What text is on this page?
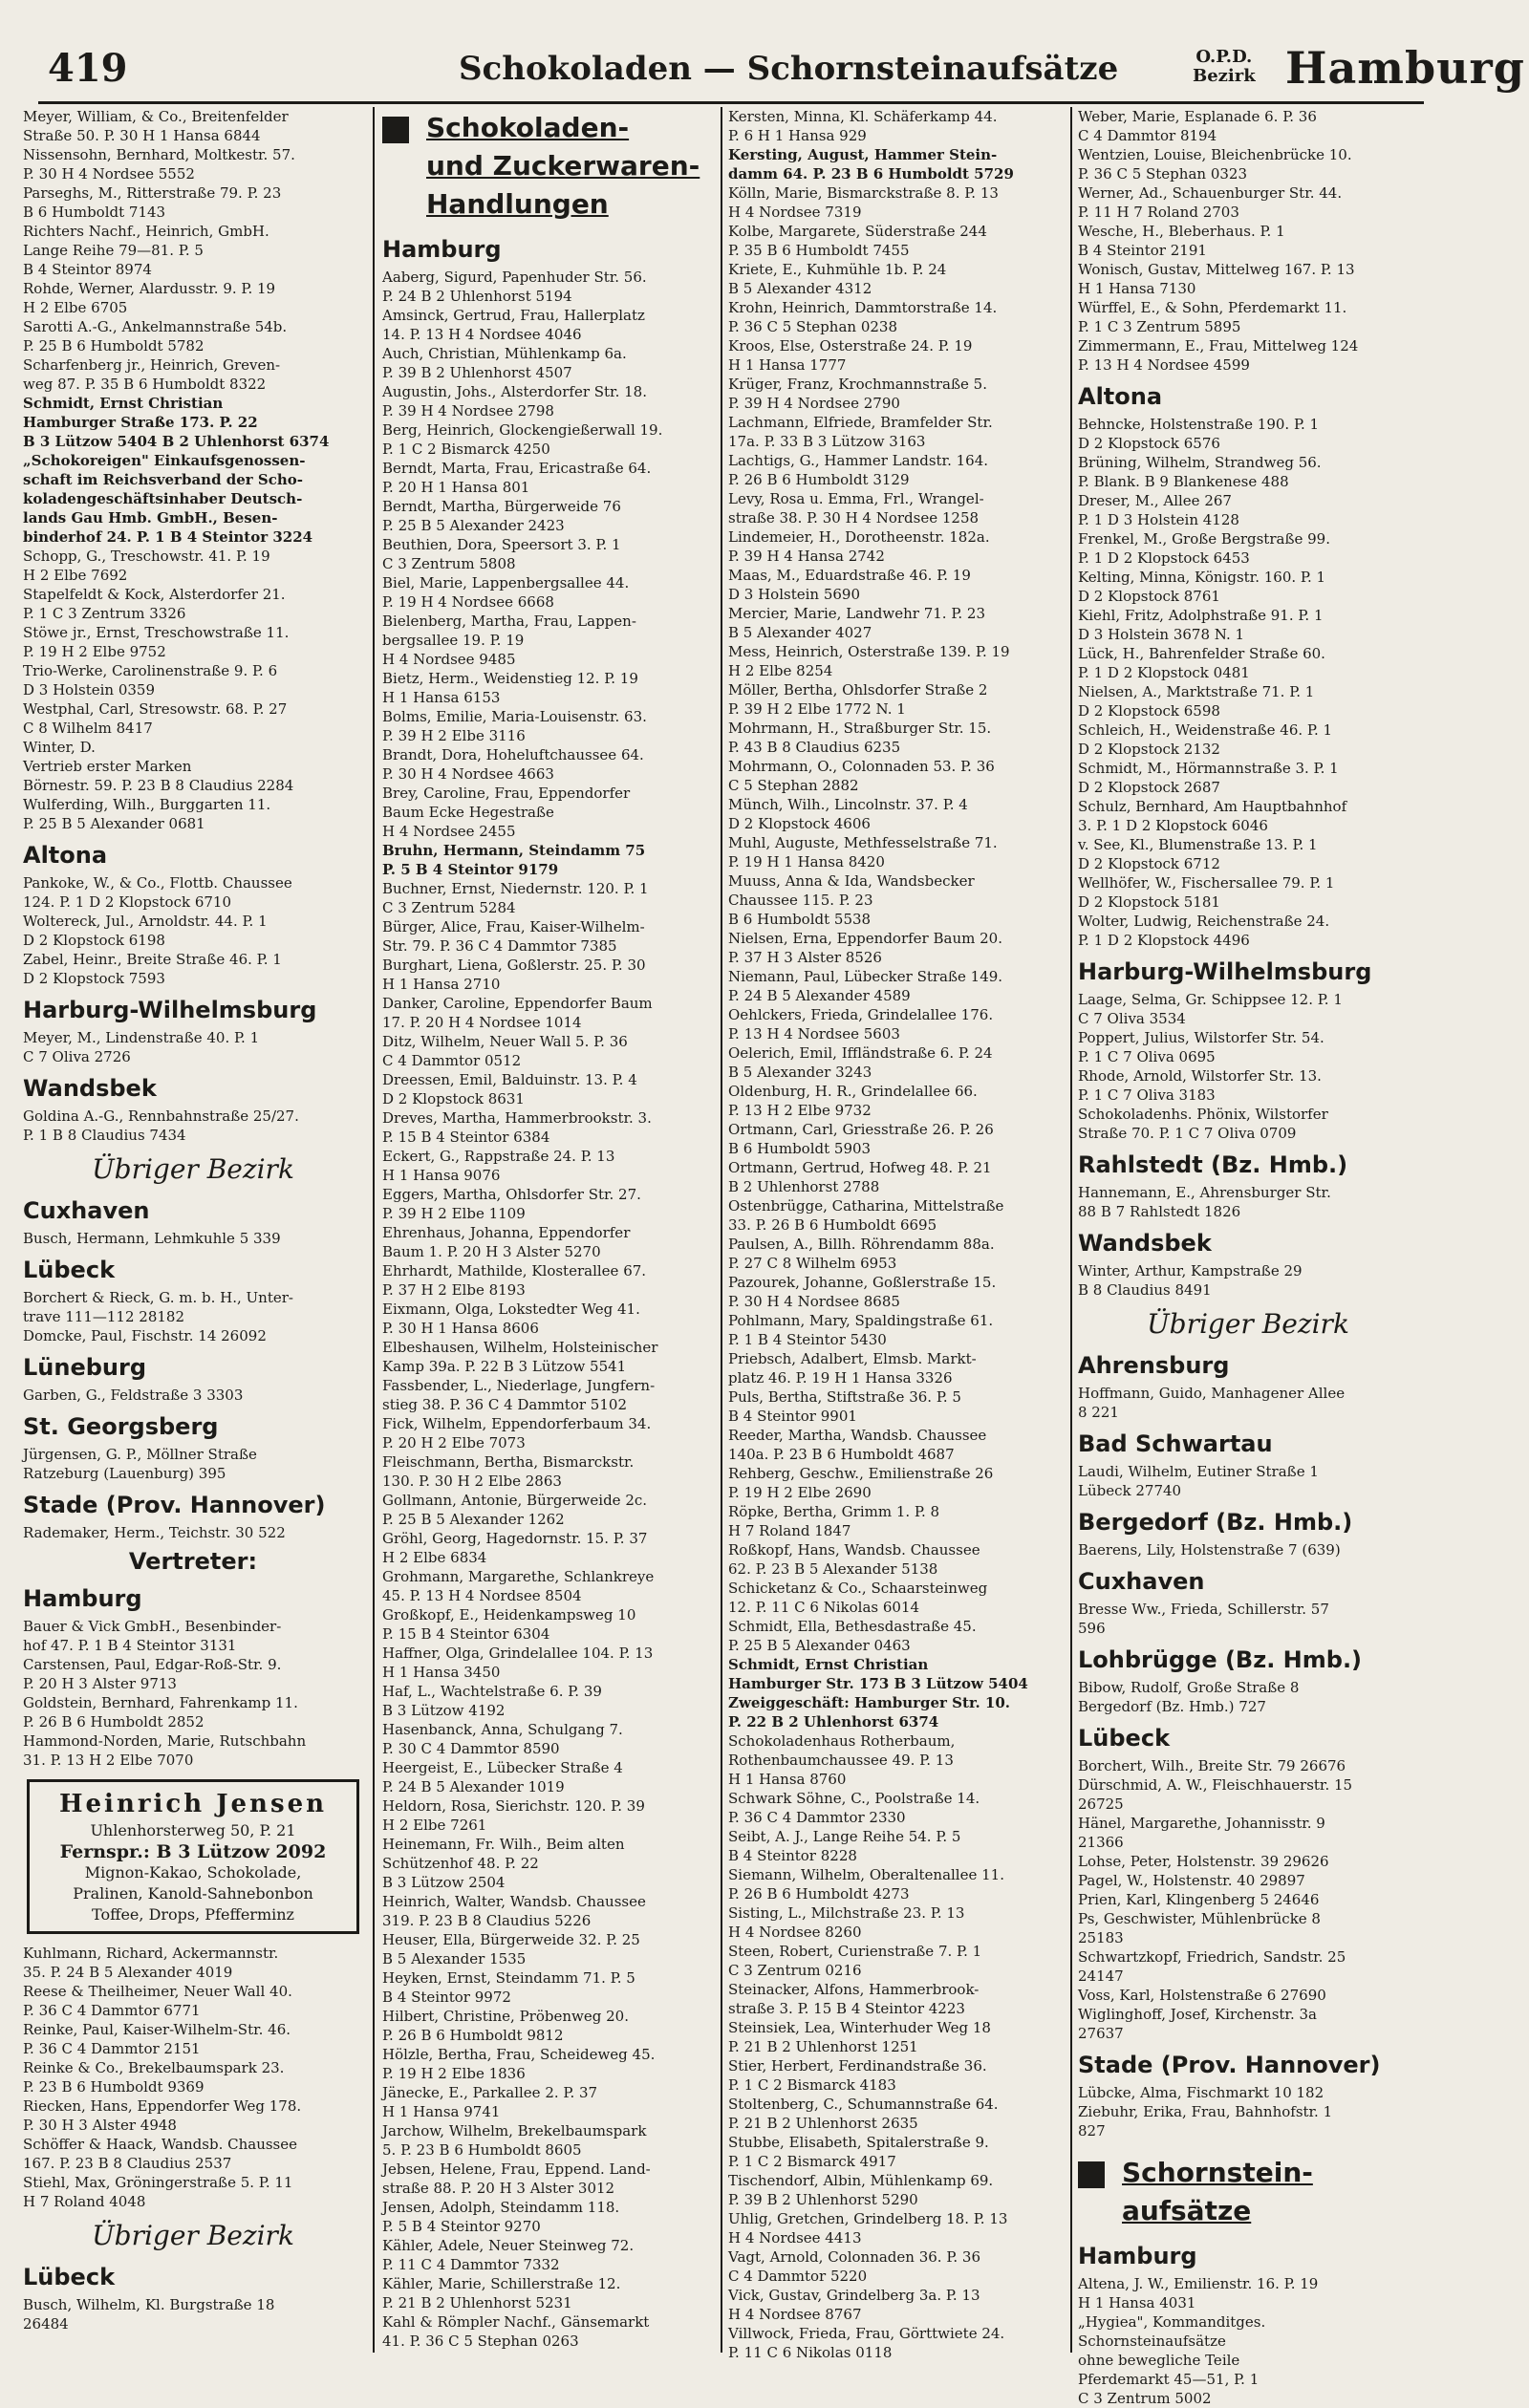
419	Schokoladen — Schornsteinaufsätze	O.P.D.
Bezirk Hamburg

Meyer, William, & Co., Breitenfelder
Straße 50. P. 30 H 1 Hansa 6844

Nissensohn, Bernhard, Moltkestr. 57.
P. 30 H 4 Nordsee 5552

Parseghs, M., Ritterstraße 79. P. 23
B 6 Humboldt 7143

Richters Nachf., Heinrich, GmbH.
Lange Reihe 79—81. P. 5
B 4 Steintor 8974

Rohde, Werner, Alardusstr. 9. P. 19
H 2 Elbe 6705

Sarotti A.-G., Ankelmannstraße 54b.
P. 25 B 6 Humboldt 5782

Scharfenberg jr., Heinrich, Greven-
weg 87. P. 35 B 6 Humboldt 8322

Schmidt, Ernst Christian
Hamburger Straße 173. P. 22
B 3 Lützow 5404 B 2 Uhlenhorst 6374
„Schokoreigen" Einkaufsgenossen-
schaft im Reichsverband der Scho-
koladengeschäftsinhaber Deutsch-
lands Gau Hmb. GmbH., Besen-
binderhof 24. P. 1 B 4 Steintor 3224

Schopp, G., Treschowstr. 41. P. 19
H 2 Elbe 7692

Stapelfeldt & Kock, Alsterdorfer 21.
P. 1 C 3 Zentrum 3326

Stöwe jr., Ernst, Treschowstraße 11.
P. 19 H 2 Elbe 9752

Trio-Werke, Carolinenstraße 9. P. 6
D 3 Holstein 0359

Westphal, Carl, Stresowstr. 68. P. 27
C 8 Wilhelm 8417

Winter, D.
Vertrieb erster Marken
Börnestr. 59. P. 23 B 8 Claudius 2284

Wulferding, Wilh., Burggarten 11.
P. 25 B 5 Alexander 0681

Altona

Pankoke, W., & Co., Flottb. Chaussee
124. P. 1 D 2 Klopstock 6710

Woltereck, Jul., Arnoldstr. 44. P. 1
D 2 Klopstock 6198

Zabel, Heinr., Breite Straße 46. P. 1
D 2 Klopstock 7593

Harburg-Wilhelmsburg

Meyer, M., Lindenstraße 40. P. 1
C 7 Oliva 2726

Wandsbek

Goldina A.-G., Rennbahnstraße 25/27.
P. 1 B 8 Claudius 7434

Übriger Bezirk
Cuxhaven

Busch, Hermann, Lehmkuhle 5 339

Lübeck

Borchert & Rieck, G. m. b. H., Unter-
trave 111—112 28182

Domcke, Paul, Fischstr. 14 26092

Lüneburg

Garben, G., Feldstraße 3 3303

St. Georgsberg

Jürgensen, G. P., Möllner Straße
Ratzeburg (Lauenburg) 395

Stade (Prov. Hannover)

Rademaker, Herm., Teichstr. 30 522

Vertreter:
Hamburg

Bauer & Vick GmbH., Besenbinder-
hof 47. P. 1 B 4 Steintor 3131

Carstensen, Paul, Edgar-Roß-Str. 9.
P. 20 H 3 Alster 9713

Goldstein, Bernhard, Fahrenkamp 11.
P. 26 B 6 Humboldt 2852

Hammond-Norden, Marie, Rutschbahn
31. P. 13 H 2 Elbe 7070

Heinrich Jensen
Uhlenhorsterweg 50, P. 21
Fernspr.: B 3 Lützow 2092
Mignon-Kakao, Schokolade,
Pralinen, Kanold-Sahnebonbon
Toffee, Drops, Pfefferminz

Kuhlmann, Richard, Ackermannstr.
35. P. 24 B 5 Alexander 4019

Reese & Theilheimer, Neuer Wall 40.
P. 36 C 4 Dammtor 6771

Reinke, Paul, Kaiser-Wilhelm-Str. 46.
P. 36 C 4 Dammtor 2151

Reinke & Co., Brekelbaumspark 23.
P. 23 B 6 Humboldt 9369

Riecken, Hans, Eppendorfer Weg 178.
P. 30 H 3 Alster 4948

Schöffer & Haack, Wandsb. Chaussee
167. P. 23 B 8 Claudius 2537

Stiehl, Max, Gröningerstraße 5. P. 11
H 7 Roland 4048

Übriger Bezirk
Lübeck

Busch, Wilhelm, Kl. Burgstraße 18
26484

Schokoladen-
und Zuckerwaren-
Handlungen
Hamburg

Aaberg, Sigurd, Papenhuder Str. 56.
P. 24 B 2 Uhlenhorst 5194

Amsinck, Gertrud, Frau, Hallerplatz
14. P. 13 H 4 Nordsee 4046

Auch, Christian, Mühlenkamp 6a.
P. 39 B 2 Uhlenhorst 4507

Augustin, Johs., Alsterdorfer Str. 18.
P. 39 H 4 Nordsee 2798

Berg, Heinrich, Glockengießerwall 19.
P. 1 C 2 Bismarck 4250

Berndt, Marta, Frau, Ericastraße 64.
P. 20 H 1 Hansa 801

Berndt, Martha, Bürgerweide 76
P. 25 B 5 Alexander 2423

Beuthien, Dora, Speersort 3. P. 1
C 3 Zentrum 5808

Biel, Marie, Lappenbergsallee 44.
P. 19 H 4 Nordsee 6668

Bielenberg, Martha, Frau, Lappen-
bergsallee 19. P. 19
H 4 Nordsee 9485

Bietz, Herm., Weidenstieg 12. P. 19
H 1 Hansa 6153

Bolms, Emilie, Maria-Louisenstr. 63.
P. 39 H 2 Elbe 3116

Brandt, Dora, Hoheluftchaussee 64.
P. 30 H 4 Nordsee 4663

Brey, Caroline, Frau, Eppendorfer
Baum Ecke Hegestraße
H 4 Nordsee 2455

Bruhn, Hermann, Steindamm 75
P. 5 B 4 Steintor 9179

Buchner, Ernst, Niedernstr. 120. P. 1
C 3 Zentrum 5284

Bürger, Alice, Frau, Kaiser-Wilhelm-
Str. 79. P. 36 C 4 Dammtor 7385

Burghart, Liena, Goßlerstr. 25. P. 30
H 1 Hansa 2710

Danker, Caroline, Eppendorfer Baum
17. P. 20 H 4 Nordsee 1014

Ditz, Wilhelm, Neuer Wall 5. P. 36
C 4 Dammtor 0512

Dreessen, Emil, Balduinstr. 13. P. 4
D 2 Klopstock 8631

Dreves, Martha, Hammerbrookstr. 3.
P. 15 B 4 Steintor 6384

Eckert, G., Rappstraße 24. P. 13
H 1 Hansa 9076

Eggers, Martha, Ohlsdorfer Str. 27.
P. 39 H 2 Elbe 1109

Ehrenhaus, Johanna, Eppendorfer
Baum 1. P. 20 H 3 Alster 5270

Ehrhardt, Mathilde, Klosterallee 67.
P. 37 H 2 Elbe 8193

Eixmann, Olga, Lokstedter Weg 41.
P. 30 H 1 Hansa 8606

Elbeshausen, Wilhelm, Holsteinischer
Kamp 39a. P. 22 B 3 Lützow 5541

Fassbender, L., Niederlage, Jungfern-
stieg 38. P. 36 C 4 Dammtor 5102

Fick, Wilhelm, Eppendorferbaum 34.
P. 20 H 2 Elbe 7073

Fleischmann, Bertha, Bismarckstr.
130. P. 30 H 2 Elbe 2863

Gollmann, Antonie, Bürgerweide 2c.
P. 25 B 5 Alexander 1262

Gröhl, Georg, Hagedornstr. 15. P. 37
H 2 Elbe 6834

Grohmann, Margarethe, Schlankreye
45. P. 13 H 4 Nordsee 8504

Großkopf, E., Heidenkampsweg 10
P. 15 B 4 Steintor 6304

Haffner, Olga, Grindelallee 104. P. 13
H 1 Hansa 3450

Haf, L., Wachtelstraße 6. P. 39
B 3 Lützow 4192

Hasenbanck, Anna, Schulgang 7.
P. 30 C 4 Dammtor 8590

Heergeist, E., Lübecker Straße 4
P. 24 B 5 Alexander 1019

Heldorn, Rosa, Sierichstr. 120. P. 39
H 2 Elbe 7261

Heinemann, Fr. Wilh., Beim alten
Schützenhof 48. P. 22
B 3 Lützow 2504

Heinrich, Walter, Wandsb. Chaussee
319. P. 23 B 8 Claudius 5226

Heuser, Ella, Bürgerweide 32. P. 25
B 5 Alexander 1535

Heyken, Ernst, Steindamm 71. P. 5
B 4 Steintor 9972

Hilbert, Christine, Pröbenweg 20.
P. 26 B 6 Humboldt 9812

Hölzle, Bertha, Frau, Scheideweg 45.
P. 19 H 2 Elbe 1836

Jänecke, E., Parkallee 2. P. 37
H 1 Hansa 9741

Jarchow, Wilhelm, Brekelbaumspark
5. P. 23 B 6 Humboldt 8605

Jebsen, Helene, Frau, Eppend. Land-
straße 88. P. 20 H 3 Alster 3012

Jensen, Adolph, Steindamm 118.
P. 5 B 4 Steintor 9270

Kähler, Adele, Neuer Steinweg 72.
P. 11 C 4 Dammtor 7332

Kähler, Marie, Schillerstraße 12.
P. 21 B 2 Uhlenhorst 5231

Kahl & Römpler Nachf., Gänsemarkt
41. P. 36 C 5 Stephan 0263

Kersten, Minna, Kl. Schäferkamp 44.
P. 6 H 1 Hansa 929

Kersting, August, Hammer Stein-
damm 64. P. 23 B 6 Humboldt 5729

Kölln, Marie, Bismarckstraße 8. P. 13
H 4 Nordsee 7319

Kolbe, Margarete, Süderstraße 244
P. 35 B 6 Humboldt 7455

Kriete, E., Kuhmühle 1b. P. 24
B 5 Alexander 4312

Krohn, Heinrich, Dammtorstraße 14.
P. 36 C 5 Stephan 0238

Kroos, Else, Osterstraße 24. P. 19
H 1 Hansa 1777

Krüger, Franz, Krochmannstraße 5.
P. 39 H 4 Nordsee 2790

Lachmann, Elfriede, Bramfelder Str.
17a. P. 33 B 3 Lützow 3163

Lachtigs, G., Hammer Landstr. 164.
P. 26 B 6 Humboldt 3129

Levy, Rosa u. Emma, Frl., Wrangel-
straße 38. P. 30 H 4 Nordsee 1258

Lindemeier, H., Dorotheenstr. 182a.
P. 39 H 4 Hansa 2742

Maas, M., Eduardstraße 46. P. 19
D 3 Holstein 5690

Mercier, Marie, Landwehr 71. P. 23
B 5 Alexander 4027

Mess, Heinrich, Osterstraße 139. P. 19
H 2 Elbe 8254

Möller, Bertha, Ohlsdorfer Straße 2
P. 39 H 2 Elbe 1772 N. 1

Mohrmann, H., Straßburger Str. 15.
P. 43 B 8 Claudius 6235

Mohrmann, O., Colonnaden 53. P. 36
C 5 Stephan 2882

Münch, Wilh., Lincolnstr. 37. P. 4
D 2 Klopstock 4606

Muhl, Auguste, Methfesselstraße 71.
P. 19 H 1 Hansa 8420

Muuss, Anna & Ida, Wandsbecker
Chaussee 115. P. 23
B 6 Humboldt 5538

Nielsen, Erna, Eppendorfer Baum 20.
P. 37 H 3 Alster 8526

Niemann, Paul, Lübecker Straße 149.
P. 24 B 5 Alexander 4589

Oehlckers, Frieda, Grindelallee 176.
P. 13 H 4 Nordsee 5603

Oelerich, Emil, Iffländstraße 6. P. 24
B 5 Alexander 3243

Oldenburg, H. R., Grindelallee 66.
P. 13 H 2 Elbe 9732

Ortmann, Carl, Griesstraße 26. P. 26
B 6 Humboldt 5903

Ortmann, Gertrud, Hofweg 48. P. 21
B 2 Uhlenhorst 2788

Ostenbrügge, Catharina, Mittelstraße
33. P. 26 B 6 Humboldt 6695

Paulsen, A., Billh. Röhrendamm 88a.
P. 27 C 8 Wilhelm 6953

Pazourek, Johanne, Goßlerstraße 15.
P. 30 H 4 Nordsee 8685

Pohlmann, Mary, Spaldingstraße 61.
P. 1 B 4 Steintor 5430

Priebsch, Adalbert, Elmsb. Markt-
platz 46. P. 19 H 1 Hansa 3326

Puls, Bertha, Stiftstraße 36. P. 5
B 4 Steintor 9901

Reeder, Martha, Wandsb. Chaussee
140a. P. 23 B 6 Humboldt 4687

Rehberg, Geschw., Emilienstraße 26
P. 19 H 2 Elbe 2690

Röpke, Bertha, Grimm 1. P. 8
H 7 Roland 1847

Roßkopf, Hans, Wandsb. Chaussee
62. P. 23 B 5 Alexander 5138

Schicketanz & Co., Schaarsteinweg
12. P. 11 C 6 Nikolas 6014

Schmidt, Ella, Bethesdastraße 45.
P. 25 B 5 Alexander 0463

Schmidt, Ernst Christian
Hamburger Str. 173 B 3 Lützow 5404
Zweiggeschäft: Hamburger Str. 10.
P. 22 B 2 Uhlenhorst 6374

Schokoladenhaus Rotherbaum,
Rothenbaumchaussee 49. P. 13
H 1 Hansa 8760

Schwark Söhne, C., Poolstraße 14.
P. 36 C 4 Dammtor 2330

Seibt, A. J., Lange Reihe 54. P. 5
B 4 Steintor 8228

Siemann, Wilhelm, Oberaltenallee 11.
P. 26 B 6 Humboldt 4273

Sisting, L., Milchstraße 23. P. 13
H 4 Nordsee 8260

Steen, Robert, Curienstraße 7. P. 1
C 3 Zentrum 0216

Steinacker, Alfons, Hammerbrook-
straße 3. P. 15 B 4 Steintor 4223

Steinsiek, Lea, Winterhuder Weg 18
P. 21 B 2 Uhlenhorst 1251

Stier, Herbert, Ferdinandstraße 36.
P. 1 C 2 Bismarck 4183

Stoltenberg, C., Schumannstraße 64.
P. 21 B 2 Uhlenhorst 2635

Stubbe, Elisabeth, Spitalerstraße 9.
P. 1 C 2 Bismarck 4917

Tischendorf, Albin, Mühlenkamp 69.
P. 39 B 2 Uhlenhorst 5290

Uhlig, Gretchen, Grindelberg 18. P. 13
H 4 Nordsee 4413

Vagt, Arnold, Colonnaden 36. P. 36
C 4 Dammtor 5220

Vick, Gustav, Grindelberg 3a. P. 13
H 4 Nordsee 8767

Villwock, Frieda, Frau, Görttwiete 24.
P. 11 C 6 Nikolas 0118

Weber, Marie, Esplanade 6. P. 36
C 4 Dammtor 8194

Wentzien, Louise, Bleichenbrücke 10.
P. 36 C 5 Stephan 0323

Werner, Ad., Schauenburger Str. 44.
P. 11 H 7 Roland 2703

Wesche, H., Bleberhaus. P. 1
B 4 Steintor 2191

Wonisch, Gustav, Mittelweg 167. P. 13
H 1 Hansa 7130

Würffel, E., & Sohn, Pferdemarkt 11.
P. 1 C 3 Zentrum 5895

Zimmermann, E., Frau, Mittelweg 124
P. 13 H 4 Nordsee 4599

Altona

Behncke, Holstenstraße 190. P. 1
D 2 Klopstock 6576

Brüning, Wilhelm, Strandweg 56.
P. Blank. B 9 Blankenese 488

Dreser, M., Allee 267
P. 1 D 3 Holstein 4128

Frenkel, M., Große Bergstraße 99.
P. 1 D 2 Klopstock 6453

Kelting, Minna, Königstr. 160. P. 1
D 2 Klopstock 8761

Kiehl, Fritz, Adolphstraße 91. P. 1
D 3 Holstein 3678 N. 1

Lück, H., Bahrenfelder Straße 60.
P. 1 D 2 Klopstock 0481

Nielsen, A., Marktstraße 71. P. 1
D 2 Klopstock 6598

Schleich, H., Weidenstraße 46. P. 1
D 2 Klopstock 2132

Schmidt, M., Hörmannstraße 3. P. 1
D 2 Klopstock 2687

Schulz, Bernhard, Am Hauptbahnhof
3. P. 1 D 2 Klopstock 6046

v. See, Kl., Blumenstraße 13. P. 1
D 2 Klopstock 6712

Wellhöfer, W., Fischersallee 79. P. 1
D 2 Klopstock 5181

Wolter, Ludwig, Reichenstraße 24.
P. 1 D 2 Klopstock 4496

Harburg-Wilhelmsburg

Laage, Selma, Gr. Schippsee 12. P. 1
C 7 Oliva 3534

Poppert, Julius, Wilstorfer Str. 54.
P. 1 C 7 Oliva 0695

Rhode, Arnold, Wilstorfer Str. 13.
P. 1 C 7 Oliva 3183

Schokoladenhs. Phönix, Wilstorfer
Straße 70. P. 1 C 7 Oliva 0709

Rahlstedt (Bz. Hmb.)

Hannemann, E., Ahrensburger Str.
88 B 7 Rahlstedt 1826

Wandsbek

Winter, Arthur, Kampstraße 29
B 8 Claudius 8491

Übriger Bezirk
Ahrensburg

Hoffmann, Guido, Manhagener Allee
8 221

Bad Schwartau

Laudi, Wilhelm, Eutiner Straße 1
Lübeck 27740

Bergedorf (Bz. Hmb.)

Baerens, Lily, Holstenstraße 7 (639)

Cuxhaven

Bresse Ww., Frieda, Schillerstr. 57
596

Lohbrügge (Bz. Hmb.)

Bibow, Rudolf, Große Straße 8
Bergedorf (Bz. Hmb.) 727

Lübeck

Borchert, Wilh., Breite Str. 79 26676

Dürschmid, A. W., Fleischhauerstr. 15
26725

Hänel, Margarethe, Johannisstr. 9
21366

Lohse, Peter, Holstenstr. 39 29626

Pagel, W., Holstenstr. 40 29897

Prien, Karl, Klingenberg 5 24646

Ps, Geschwister, Mühlenbrücke 8
25183

Schwartzkopf, Friedrich, Sandstr. 25
24147

Voss, Karl, Holstenstraße 6 27690

Wiglinghoff, Josef, Kirchenstr. 3a
27637

Stade (Prov. Hannover)

Lübcke, Alma, Fischmarkt 10 182

Ziebuhr, Erika, Frau, Bahnhofstr. 1
827

Schornstein-
aufsätze
Hamburg

Altena, J. W., Emilienstr. 16. P. 19
H 1 Hansa 4031

„Hygiea", Kommanditges.
Schornsteinaufsätze
ohne bewegliche Teile
Pferdemarkt 45—51, P. 1
C 3 Zentrum 5002
